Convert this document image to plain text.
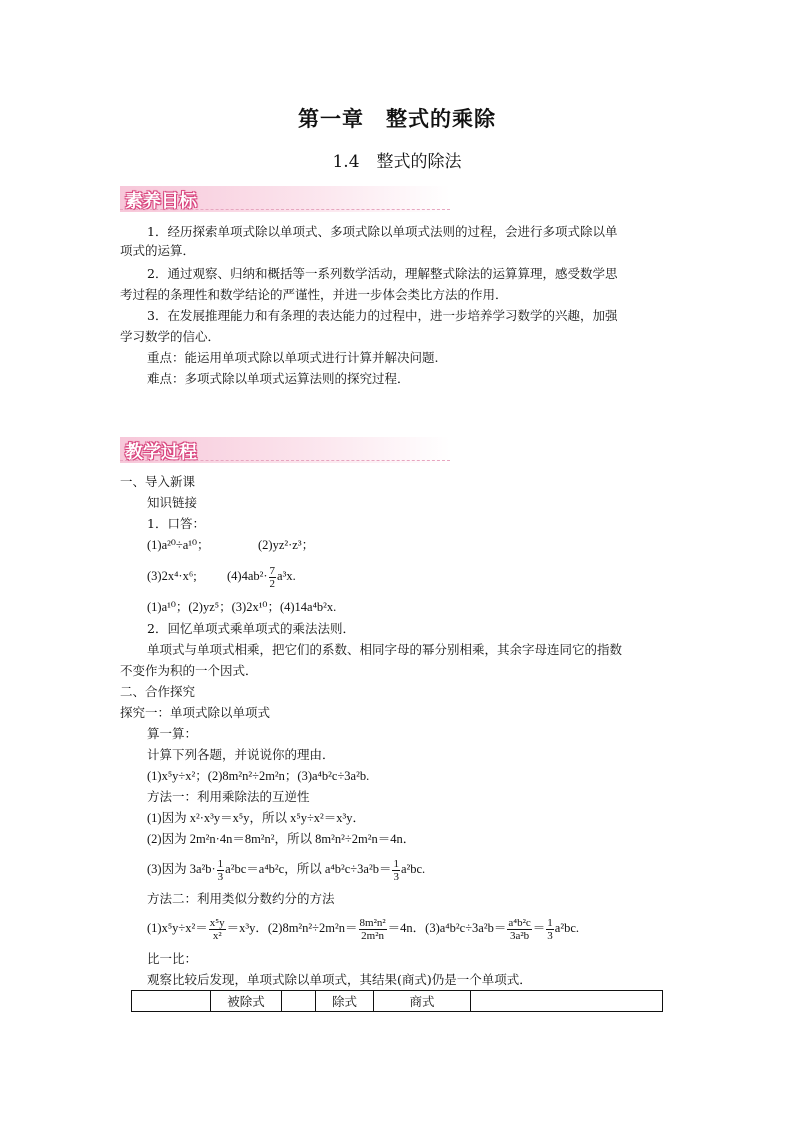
第一章　整式的乘除
1.4　整式的除法
素养目标
1．经历探索单项式除以单项式、多项式除以单项式法则的过程，会进行多项式除以单
项式的运算．
2．通过观察、归纳和概括等一系列数学活动，理解整式除法的运算算理，感受数学思
考过程的条理性和数学结论的严谨性，并进一步体会类比方法的作用．
3．在发展推理能力和有条理的表达能力的过程中，进一步培养学习数学的兴趣，加强
学习数学的信心．
重点：能运用单项式除以单项式进行计算并解决问题.
难点：多项式除以单项式运算法则的探究过程．
教学过程
一、导入新课
知识链接
1．口答：
(1)a²⁰÷a¹⁰；	(2)yz²·z³；
(3)2x⁴·x⁶; $(4)4ab^2\cdot \frac{7}{2} a^3x$.
(1)a¹⁰；(2)yz⁵；(3)2x¹⁰；(4)14a⁴b²x.
2．回忆单项式乘单项式的乘法法则．
单项式与单项式相乘，把它们的系数、相同字母的幂分别相乘，其余字母连同它的指数
不变作为积的一个因式．
二、合作探究
探究一：单项式除以单项式
算一算：
计算下列各题，并说说你的理由．
(1)x⁵y÷x²；(2)8m²n²÷2m²n；(3)a⁴b²c÷3a²b.
方法一：利用乘除法的互逆性
(1)因为 x²·x³y＝x⁵y，所以 x⁵y÷x²＝x³y．
(2)因为 2m²n·4n＝8m²n²，所以 8m²n²÷2m²n＝4n．
(3)因为 $3a^2b\cdot \frac{1}{3} a^2bc=a^4b^2c$，所以 $a^4b^2c\div 3a^2b= \frac{1}{3} a^2bc$.
方法二：利用类似分数约分的方法
$(1)x^5y\div x^2= \frac{\text{x⁵y}}{\text{x²}} =x^3y$．$(2)8m^2n^2\div 2m^2n= \frac{\text{8m²n²}}{\text{2m²n}} =4n$．$(3)a^4b^2c\div 3a^2b= \frac{\text{a⁴b²c}}{\text{3a²b}} = \frac{1}{3} a^2bc$.
比一比：
观察比较后发现，单项式除以单项式，其结果(商式)仍是一个单项式．
	被除式		除式	商式	
